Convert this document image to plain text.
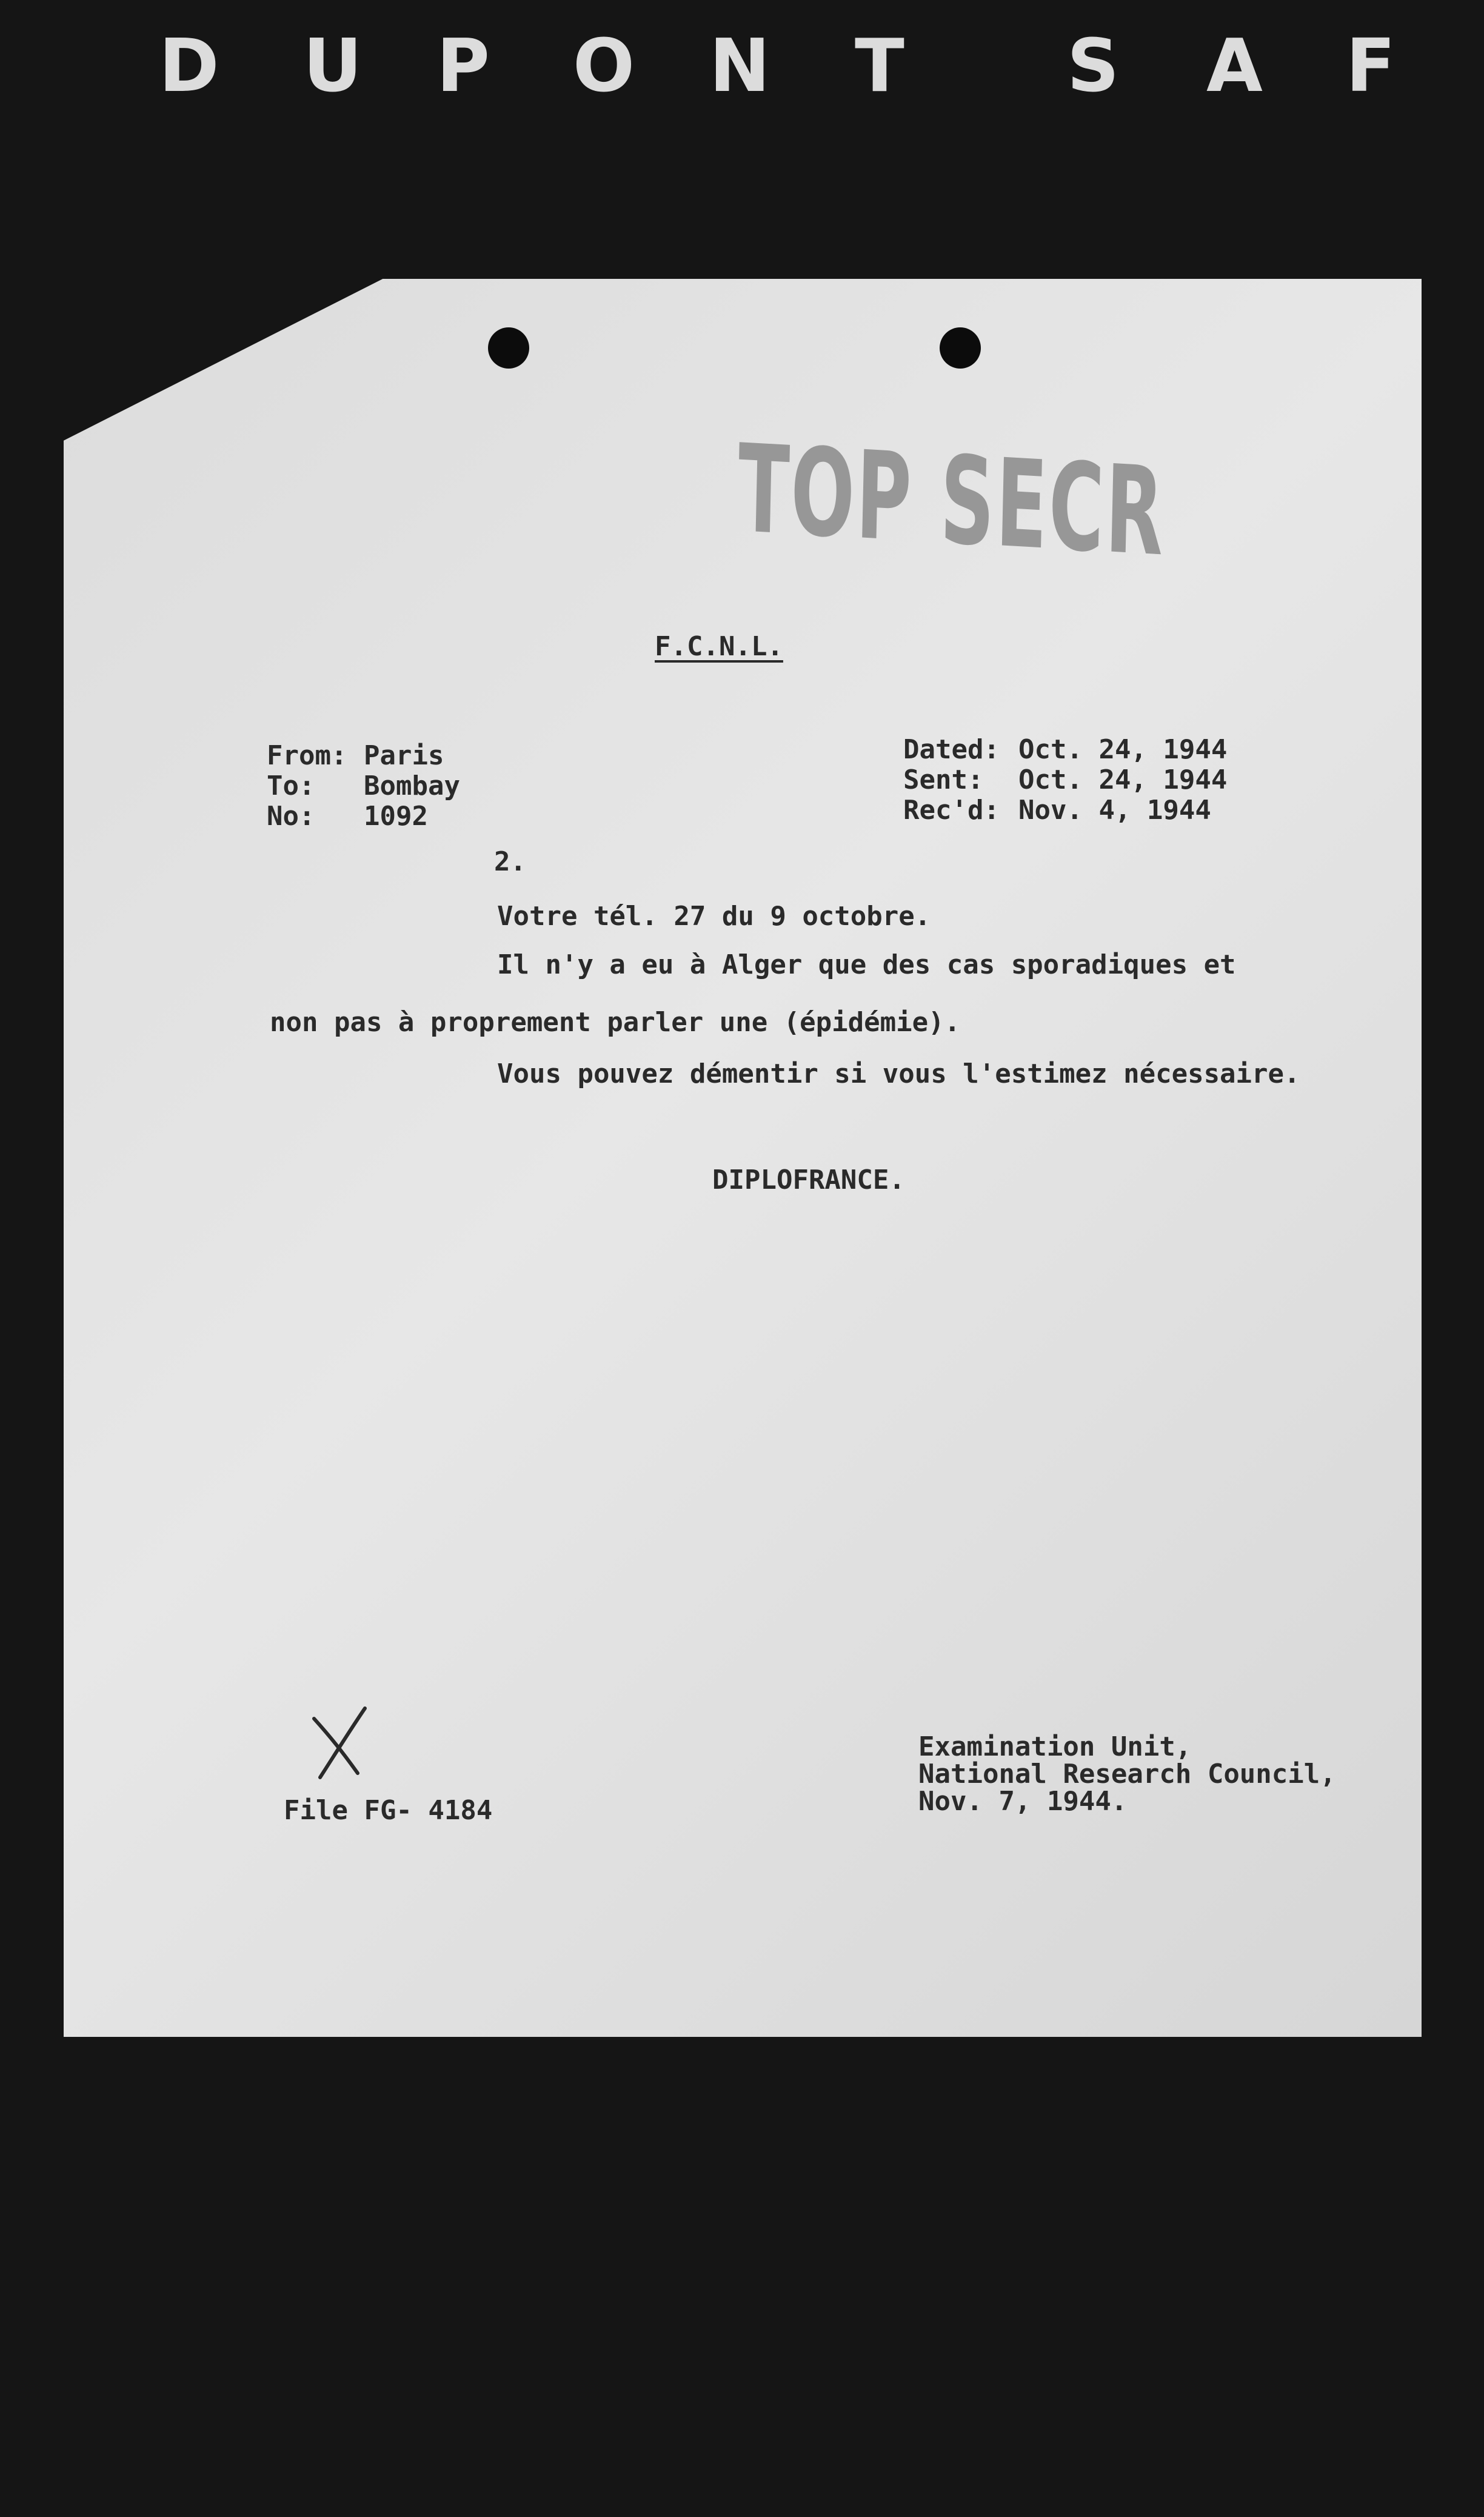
D U P O N T S A F
TOP SECR
F.C.N.L.
From: Paris
To: Bombay
No: 1092
Dated: Oct. 24, 1944
Sent: Oct. 24, 1944
Rec'd: Nov. 4, 1944
2.
Votre tél. 27 du 9 octobre.
Il n'y a eu à Alger que des cas sporadiques et
non pas à proprement parler une (épidémie).
Vous pouvez démentir si vous l'estimez nécessaire.
DIPLOFRANCE.
File FG- 4184
Examination Unit,
National Research Council,
Nov. 7, 1944.
